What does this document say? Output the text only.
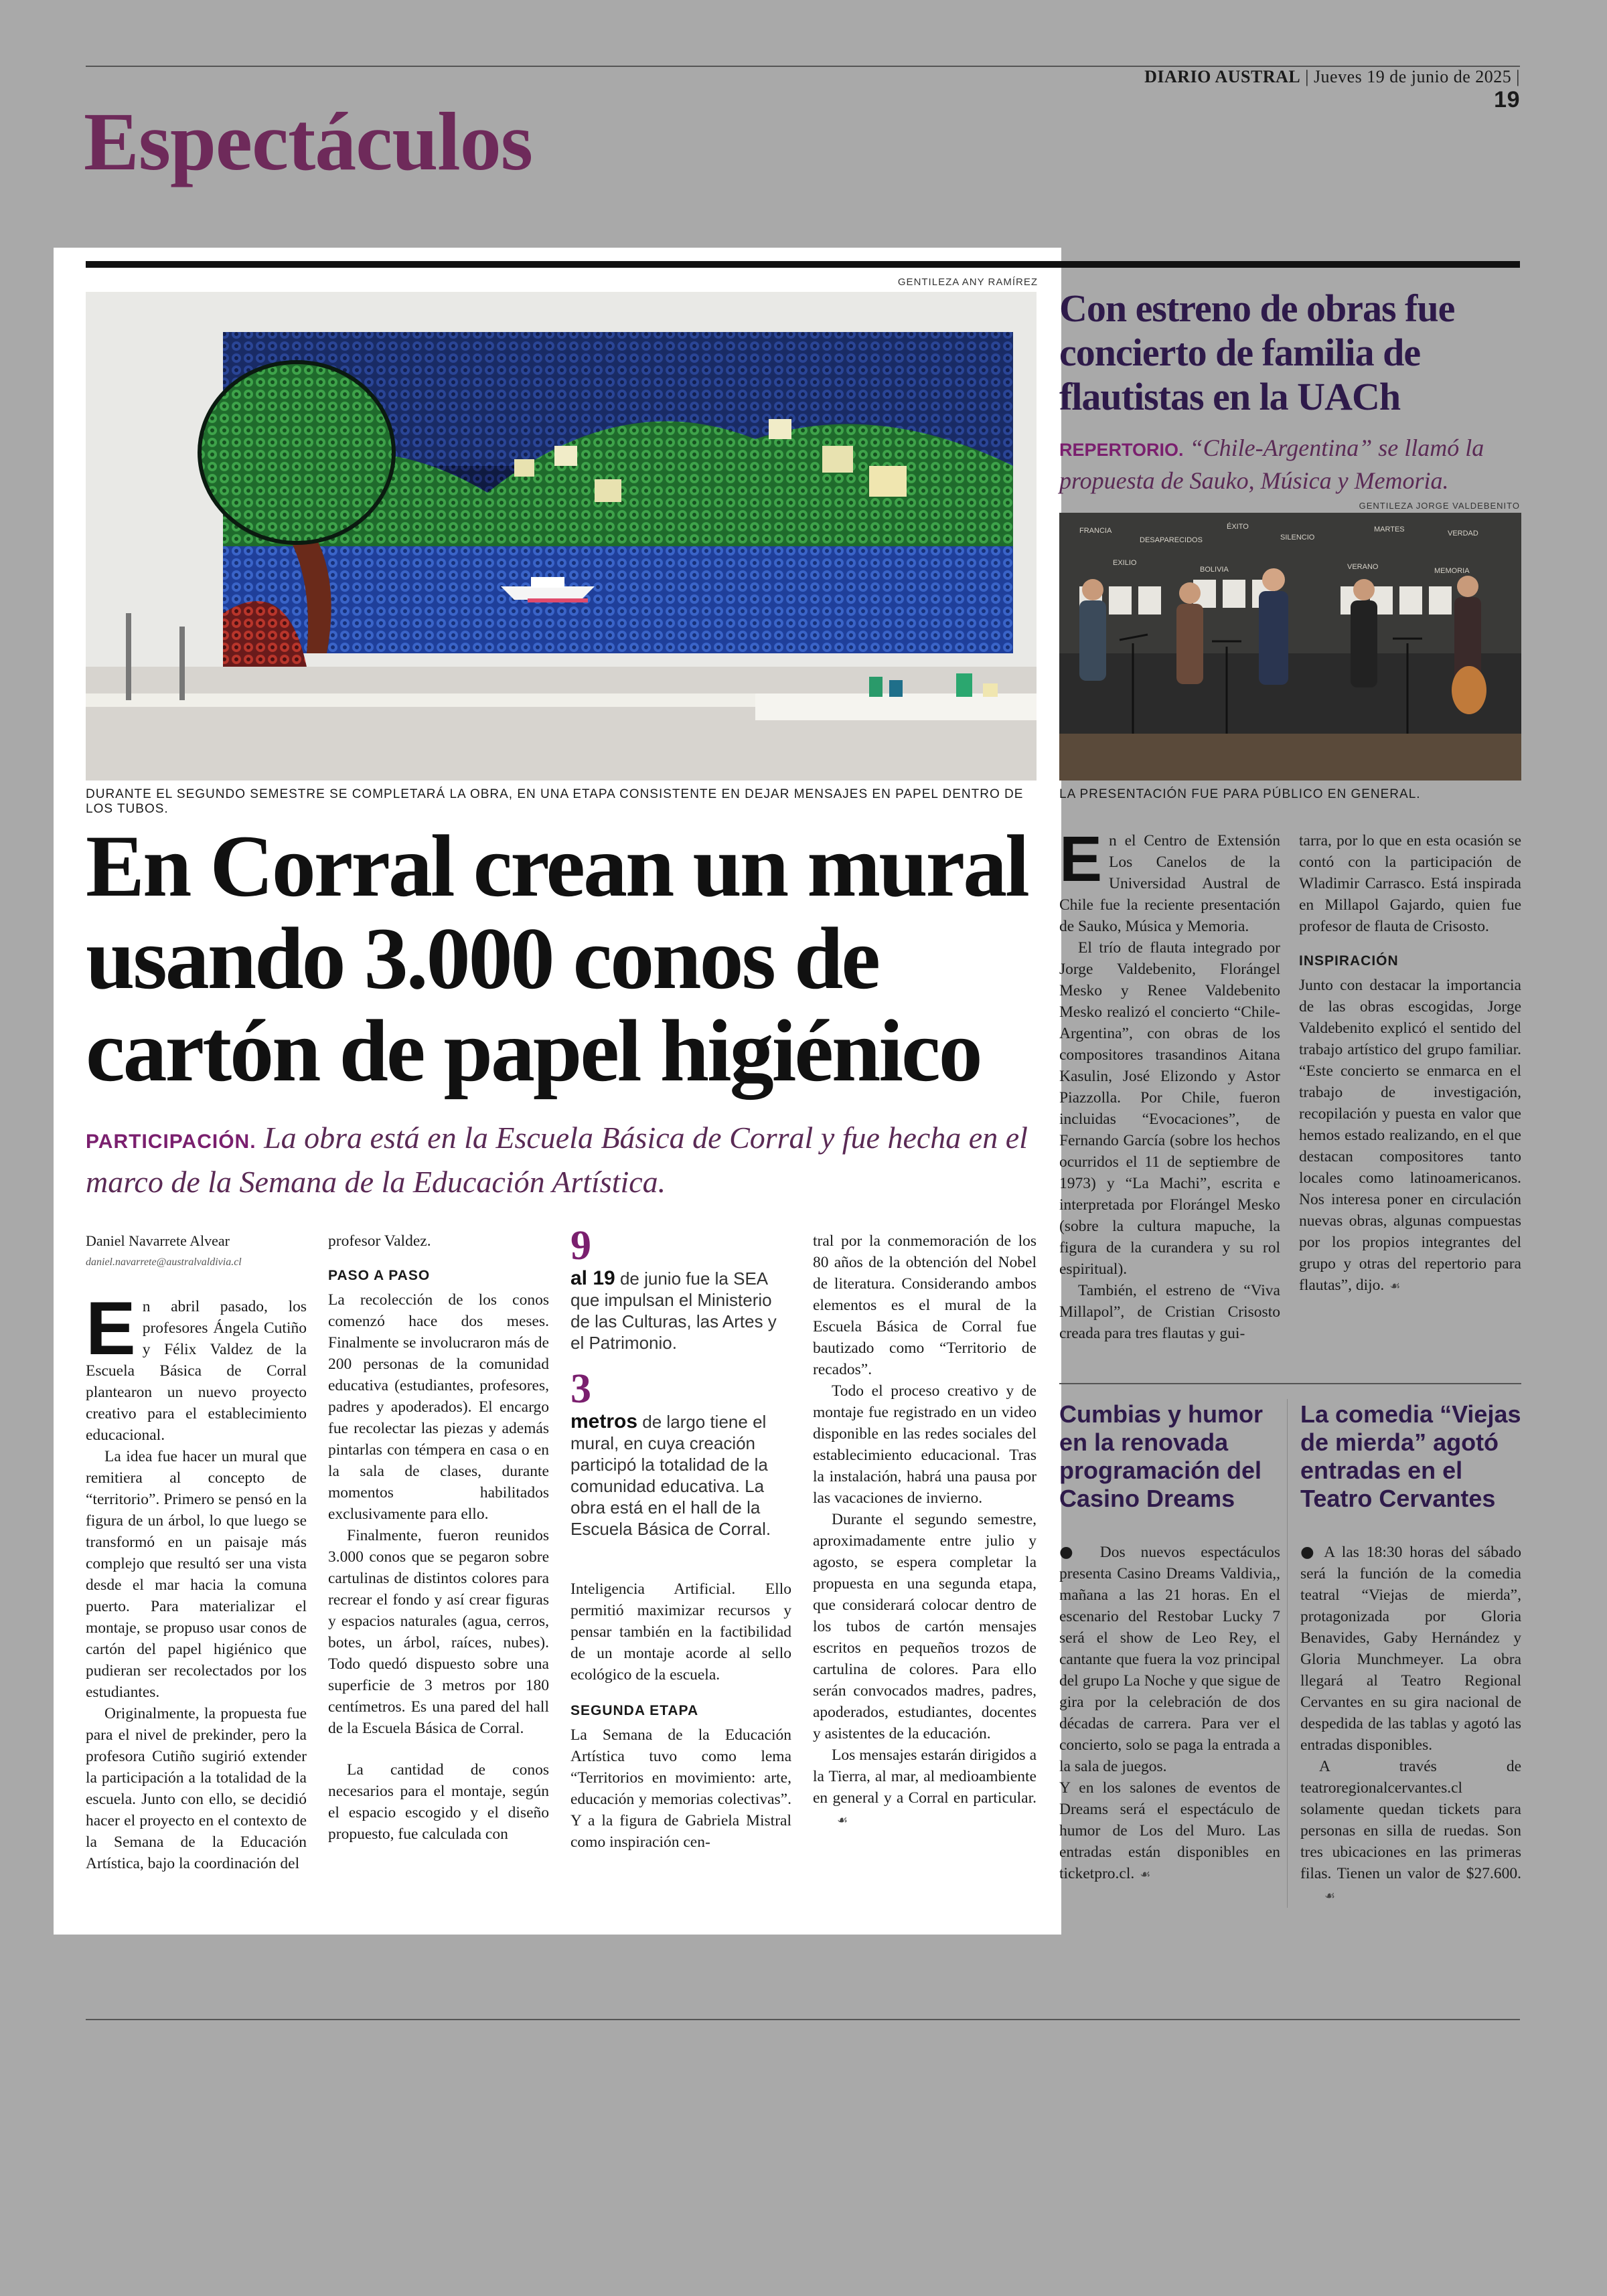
DIARIO AUSTRAL | Jueves 19 de junio de 2025 | 19
Espectáculos
GENTILEZA ANY RAMÍREZ
DURANTE EL SEGUNDO SEMESTRE SE COMPLETARÁ LA OBRA, EN UNA ETAPA CONSISTENTE EN DEJAR MENSAJES EN PAPEL DENTRO DE LOS TUBOS.
En Corral crean un mural usando 3.000 conos de cartón de papel higiénico
PARTICIPACIÓN. La obra está en la Escuela Básica de Corral y fue hecha en el marco de la Semana de la Educación Artística.
Daniel Navarrete Alvear
daniel.navarrete@australvaldivia.cl

En abril pasado, los profesores Ángela Cutiño y Félix Valdez de la Escuela Básica de Corral plantearon un nuevo proyecto creativo para el establecimiento educacional.

La idea fue hacer un mural que remitiera al concepto de “territorio”. Primero se pensó en la figura de un árbol, lo que luego se transformó en un paisaje más complejo que resultó ser una vista desde el mar hacia la comuna puerto. Para materializar el montaje, se propuso usar conos de cartón del papel higiénico que pudieran ser recolectados por los estudiantes.

Originalmente, la propuesta fue para el nivel de prekinder, pero la profesora Cutiño sugirió extender la participación a la totalidad de la escuela. Junto con ello, se decidió hacer el proyecto en el contexto de la Semana de la Educación Artística, bajo la coordinación del

profesor Valdez.

PASO A PASO

La recolección de los conos comenzó hace dos meses. Finalmente se involucraron más de 200 personas de la comunidad educativa (estudiantes, profesores, padres y apoderados). El encargo fue recolectar las piezas y además pintarlas con témpera en casa o en la sala de clases, durante momentos habilitados exclusivamente para ello.

Finalmente, fueron reunidos 3.000 conos que se pegaron sobre cartulinas de distintos colores para recrear el fondo y así crear figuras y espacios naturales (agua, cerros, botes, un árbol, raíces, nubes). Todo quedó dispuesto sobre una superficie de 3 metros por 180 centímetros. Es una pared del hall de la Escuela Básica de Corral.

La cantidad de conos necesarios para el montaje, según el espacio escogido y el diseño propuesto, fue calculada con

9
al 19 de junio fue la SEA que impulsan el Ministerio de las Culturas, las Artes y el Patrimonio.
3
metros de largo tiene el mural, en cuya creación participó la totalidad de la comunidad educativa. La obra está en el hall de la Escuela Básica de Corral.

Inteligencia Artificial. Ello permitió maximizar recursos y pensar también en la factibilidad de un montaje acorde al sello ecológico de la escuela.

SEGUNDA ETAPA

La Semana de la Educación Artística tuvo como lema “Territorios en movimiento: arte, educación y memorias colectivas”. Y a la figura de Gabriela Mistral como inspiración cen-

tral por la conmemoración de los 80 años de la obtención del Nobel de literatura. Considerando ambos elementos es el mural de la Escuela Básica de Corral fue bautizado como “Territorio de recados”.

Todo el proceso creativo y de montaje fue registrado en un video disponible en las redes sociales del establecimiento educacional. Tras la instalación, habrá una pausa por las vacaciones de invierno.

Durante el segundo semestre, aproximadamente entre julio y agosto, se espera completar la propuesta en una segunda etapa, que considerará colocar dentro de los tubos de cartón mensajes escritos en pequeños trozos de cartulina de colores. Para ello serán convocados madres, padres, apoderados, estudiantes, docentes y asistentes de la educación.

Los mensajes estarán dirigidos a la Tierra, al mar, al medioambiente en general y a Corral en particular.☙

Con estreno de obras fue concierto de familia de flautistas en la UACh
REPERTORIO. “Chile-Argentina” se llamó la propuesta de Sauko, Música y Memoria.
GENTILEZA JORGE VALDEBENITO
FRANCIA
DESAPARECIDOS
ÉXITO
SILENCIO
MARTES	VERDAD
EXILIO
BOLIVIA	VERANO	MEMORIA
LA PRESENTACIÓN FUE PARA PÚBLICO EN GENERAL.

En el Centro de Extensión Los Canelos de la Universidad Austral de Chile fue la reciente presentación de Sauko, Música y Memoria.

El trío de flauta integrado por Jorge Valdebenito, Florángel Mesko y Renee Valdebenito Mesko realizó el concierto “Chile-Argentina”, con obras de los compositores trasandinos Aitana Kasulin, José Elizondo y Astor Piazzolla. Por Chile, fueron incluidas “Evocaciones”, de Fernando García (sobre los hechos ocurridos el 11 de septiembre de 1973) y “La Machi”, escrita e interpretada por Florángel Mesko (sobre la cultura mapuche, la figura de la curandera y su rol espiritual).

También, el estreno de “Viva Millapol”, de Cristian Crisosto creada para tres flautas y gui-

tarra, por lo que en esta ocasión se contó con la participación de Wladimir Carrasco. Está inspirada en Millapol Gajardo, quien fue profesor de flauta de Crisosto.

INSPIRACIÓN

Junto con destacar la importancia de las obras escogidas, Jorge Valdebenito explicó el sentido del trabajo artístico del grupo familiar. “Este concierto se enmarca en el trabajo de investigación, recopilación y puesta en valor que hemos estado realizando, en el que destacan compositores tanto locales como latinoamericanos. Nos interesa poner en circulación nuevas obras, algunas compuestas por los propios integrantes del grupo y otras del repertorio para flautas”, dijo. ☙

Cumbias y humor en la renovada programación del Casino Dreams

● Dos nuevos espectáculos presenta Casino Dreams Valdivia,, mañana a las 21 horas. En el escenario del Restobar Lucky 7 será el show de Leo Rey, el cantante que fuera la voz principal del grupo La Noche y que sigue de gira por la celebración de dos décadas de carrera. Para ver el concierto, solo se paga la entrada a la sala de juegos.

Y en los salones de eventos de Dreams será el espectáculo de humor de Los del Muro. Las entradas están disponibles en ticketpro.cl. ☙

La comedia “Viejas de mierda” agotó entradas en el Teatro Cervantes

● A las 18:30 horas del sábado será la función de la comedia teatral “Viejas de mierda”, protagonizada por Gloria Benavides, Gaby Hernández y Gloria Munchmeyer. La obra llegará al Teatro Regional Cervantes en su gira nacional de despedida de las tablas y agotó las entradas disponibles.

A través de teatroregionalcervantes.cl solamente quedan tickets para personas en silla de ruedas. Son tres ubicaciones en las primeras filas. Tienen un valor de $27.600.☙
